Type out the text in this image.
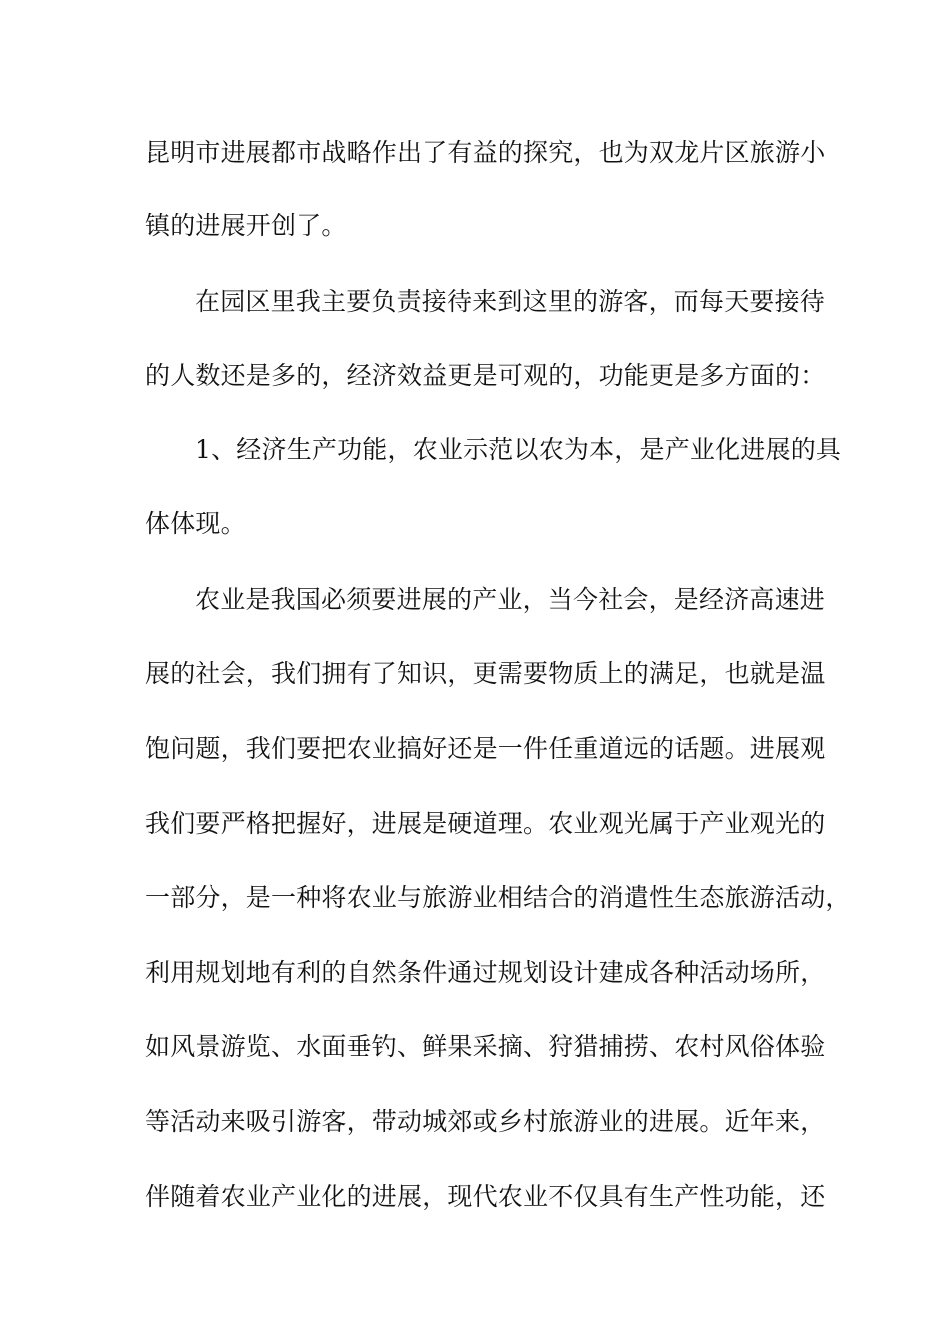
昆明市进展都市战略作出了有益的探究，也为双龙片区旅游小

镇的进展开创了。

在园区里我主要负责接待来到这里的游客，而每天要接待

的人数还是多的，经济效益更是可观的，功能更是多方面的：

1、经济生产功能，农业示范以农为本，是产业化进展的具

体体现。

农业是我国必须要进展的产业，当今社会，是经济高速进

展的社会，我们拥有了知识，更需要物质上的满足，也就是温

饱问题，我们要把农业搞好还是一件任重道远的话题。进展观

我们要严格把握好，进展是硬道理。农业观光属于产业观光的

一部分，是一种将农业与旅游业相结合的消遣性生态旅游活动，

利用规划地有利的自然条件通过规划设计建成各种活动场所，

如风景游览、水面垂钓、鲜果采摘、狩猎捕捞、农村风俗体验

等活动来吸引游客，带动城郊或乡村旅游业的进展。近年来，

伴随着农业产业化的进展，现代农业不仅具有生产性功能，还
